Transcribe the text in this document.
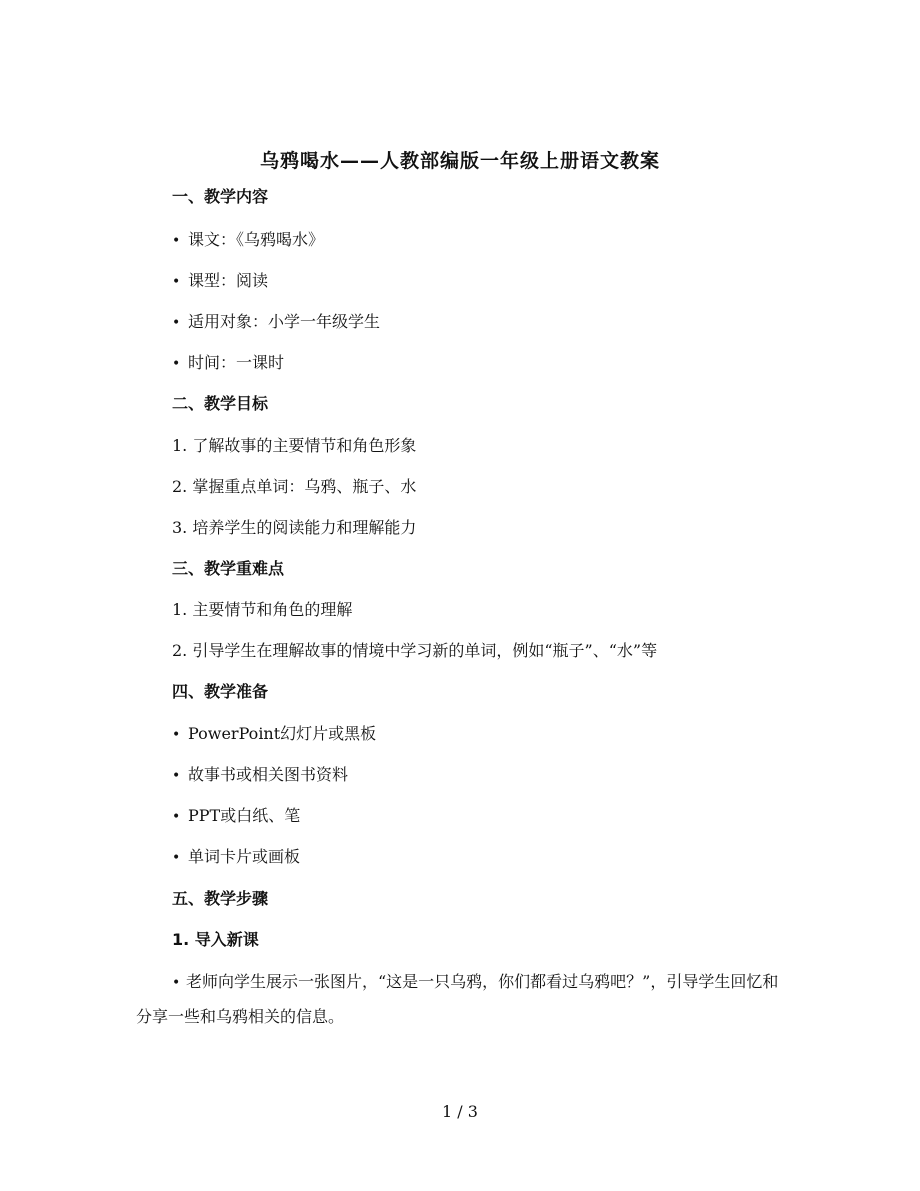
乌鸦喝水——人教部编版一年级上册语文教案
一、教学内容
• 课文：《乌鸦喝水》
• 课型：阅读
• 适用对象：小学一年级学生
• 时间：一课时
二、教学目标
1. 了解故事的主要情节和角色形象
2. 掌握重点单词：乌鸦、瓶子、水
3. 培养学生的阅读能力和理解能力
三、教学重难点
1. 主要情节和角色的理解
2. 引导学生在理解故事的情境中学习新的单词，例如“瓶子”、“水”等
四、教学准备
• PowerPoint幻灯片或黑板
• 故事书或相关图书资料
• PPT或白纸、笔
• 单词卡片或画板
五、教学步骤
1. 导入新课
• 老师向学生展示一张图片，“这是一只乌鸦，你们都看过乌鸦吧？”，引导学生回忆和分享一些和乌鸦相关的信息。
1 / 3
